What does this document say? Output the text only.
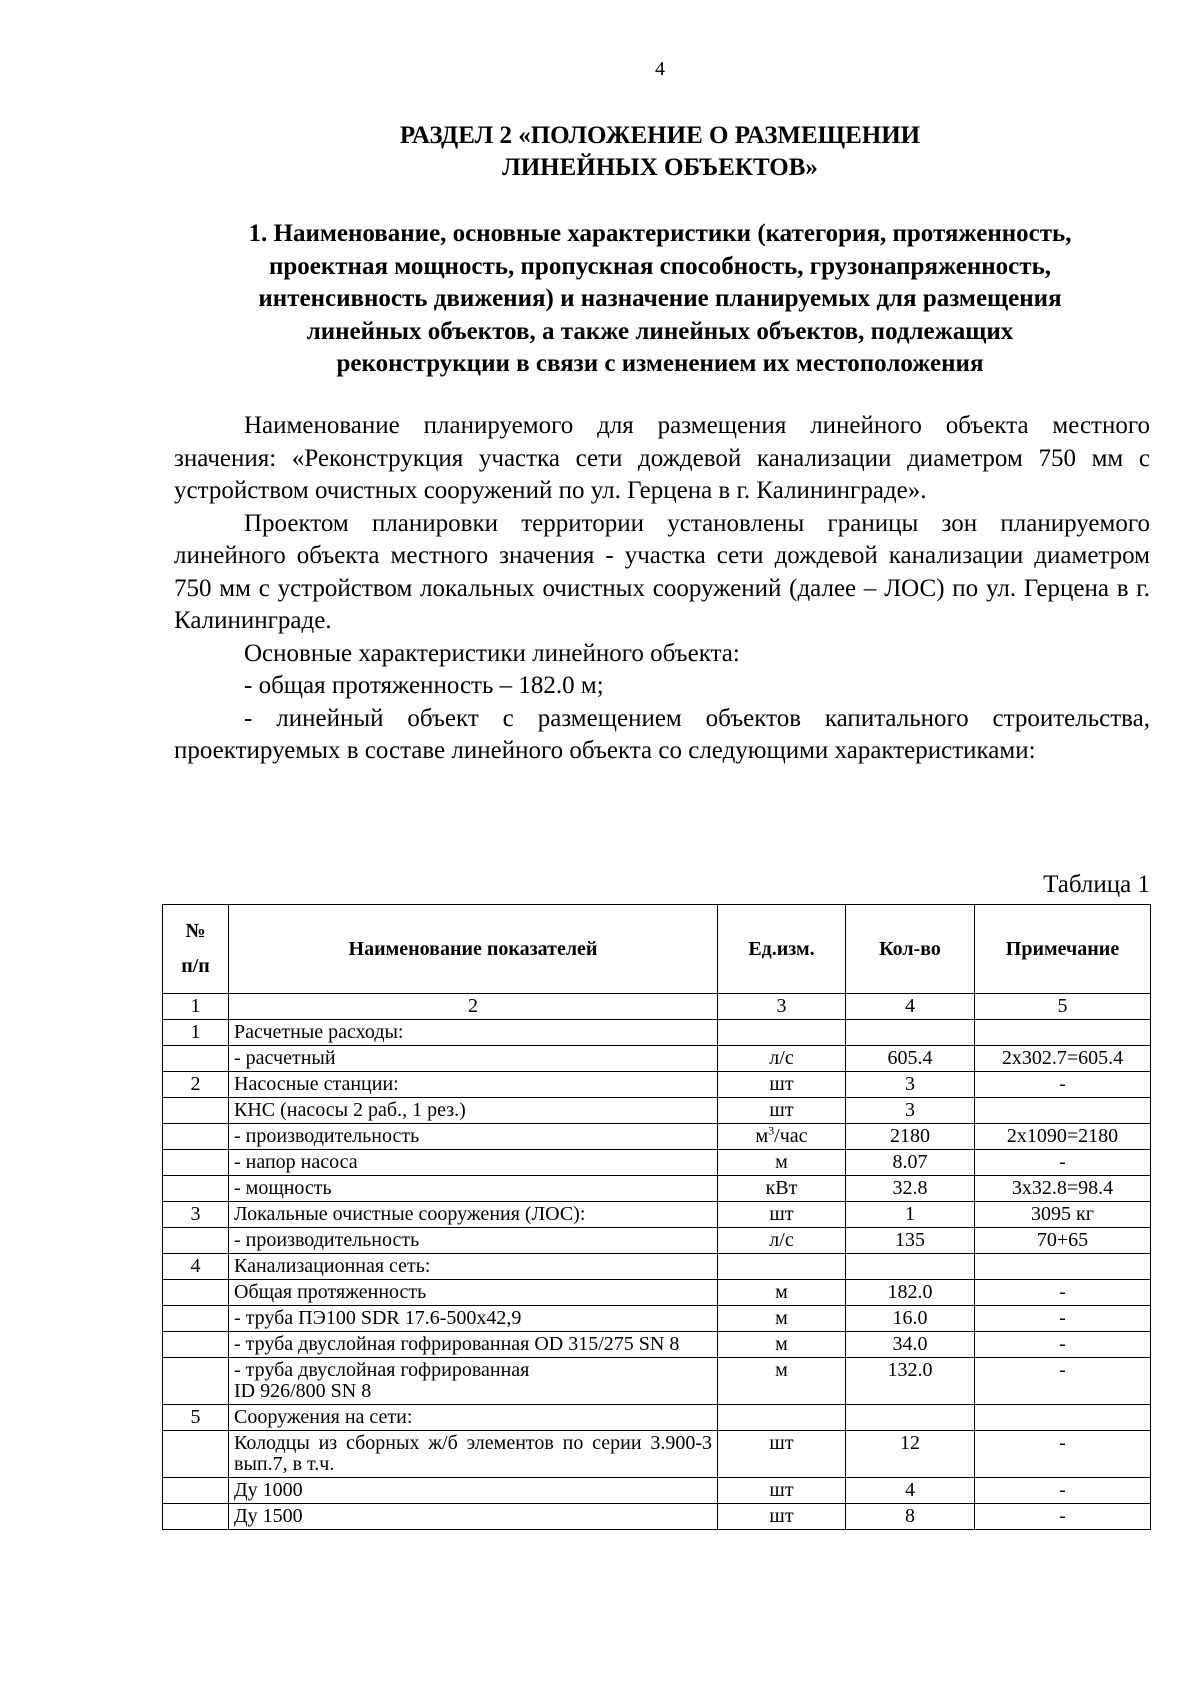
4
РАЗДЕЛ 2 «ПОЛОЖЕНИЕ О РАЗМЕЩЕНИИ
ЛИНЕЙНЫХ ОБЪЕКТОВ»
1. Наименование, основные характеристики (категория, протяженность,
проектная мощность, пропускная способность, грузонапряженность,
интенсивность движения) и назначение планируемых для размещения
линейных объектов, а также линейных объектов, подлежащих
реконструкции в связи с изменением их местоположения

Наименование планируемого для размещения линейного объекта местного значения: «Реконструкция участка сети дождевой канализации диаметром 750 мм с устройством очистных сооружений по ул. Герцена в г. Калининграде».

Проектом планировки территории установлены границы зон планируемого линейного объекта местного значения - участка сети дождевой канализации диаметром 750 мм с устройством локальных очистных сооружений (далее – ЛОС) по ул. Герцена в г. Калининграде.

Основные характеристики линейного объекта:

- общая протяженность – 182.0 м;

- линейный объект с размещением объектов капитального строительства, проектируемых в составе линейного объекта со следующими характеристиками:

Таблица 1
№
п/п	Наименование показателей	Ед.изм.	Кол-во	Примечание
1	2	3	4	5
1	Расчетные расходы:			
	- расчетный	л/с	605.4	2х302.7=605.4
2	Насосные станции:	шт	3	-
	КНС (насосы 2 раб., 1 рез.)	шт	3	
	- производительность	$м^3$/час	2180	2х1090=2180
	- напор насоса	м	8.07	-
	- мощность	кВт	32.8	3х32.8=98.4
3	Локальные очистные сооружения (ЛОС):	шт	1	3095 кг
	- производительность	л/с	135	70+65
4	Канализационная сеть:			
	Общая протяженность	м	182.0	-
	- труба ПЭ100 SDR 17.6-500х42,9	м	16.0	-
	- труба двуслойная гофрированная OD 315/275 SN 8	м	34.0	-

	- труба двуслойная гофрированная
ID 926/800 SN 8	м	132.0	-
5	Сооружения на сети:			
	Колодцы из сборных ж/б элементов по серии 3.900-3 вып.7, в т.ч.	шт	12	-
	Ду 1000	шт	4	-
	Ду 1500	шт	8	-
